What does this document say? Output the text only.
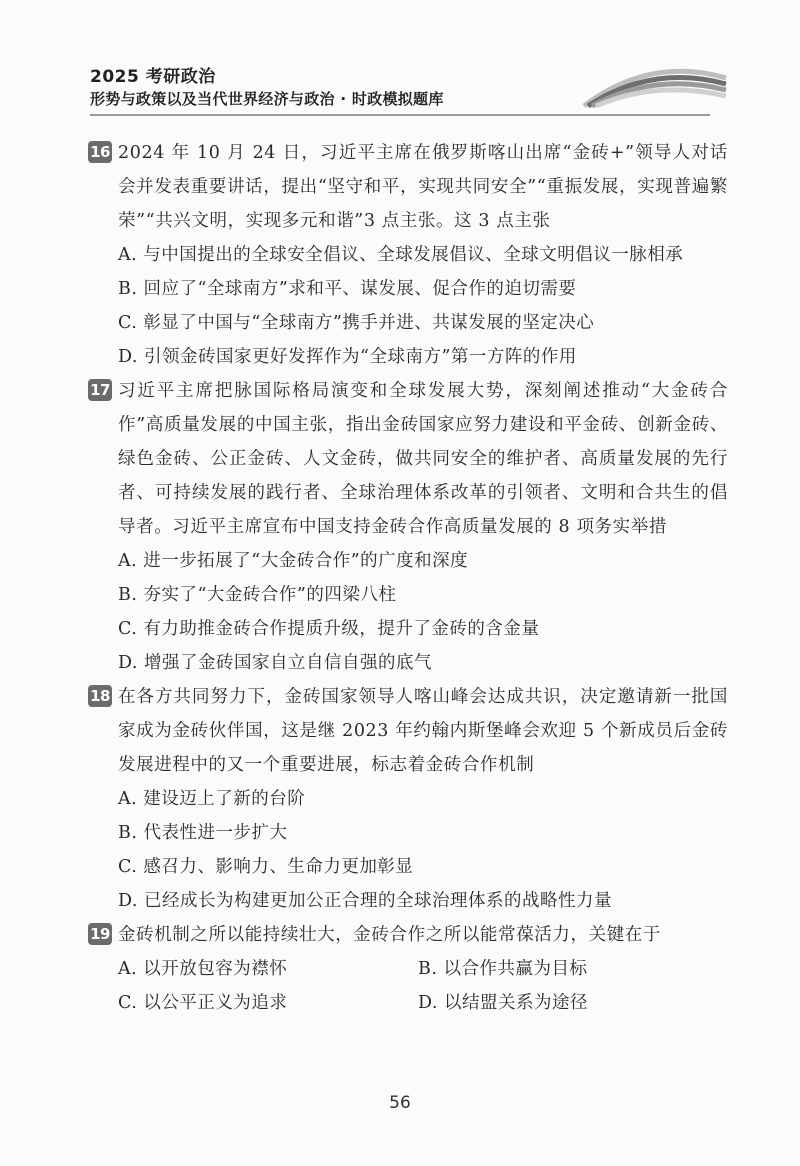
2025 考研政治
形势与政策以及当代世界经济与政治 · 时政模拟题库
16 2024 年 10 月 24 日，习近平主席在俄罗斯喀山出席“金砖+”领导人对话会并发表重要讲话，提出“坚守和平，实现共同安全”“重振发展，实现普遍繁荣”“共兴文明，实现多元和谐”3 点主张。这 3 点主张

A. 与中国提出的全球安全倡议、全球发展倡议、全球文明倡议一脉相承
B. 回应了“全球南方”求和平、谋发展、促合作的迫切需要
C. 彰显了中国与“全球南方”携手并进、共谋发展的坚定决心
D. 引领金砖国家更好发挥作为“全球南方”第一方阵的作用
17 习近平主席把脉国际格局演变和全球发展大势，深刻阐述推动“大金砖合作”高质量发展的中国主张，指出金砖国家应努力建设和平金砖、创新金砖、绿色金砖、公正金砖、人文金砖，做共同安全的维护者、高质量发展的先行者、可持续发展的践行者、全球治理体系改革的引领者、文明和合共生的倡导者。习近平主席宣布中国支持金砖合作高质量发展的 8 项务实举措

A. 进一步拓展了“大金砖合作”的广度和深度
B. 夯实了“大金砖合作”的四梁八柱
C. 有力助推金砖合作提质升级，提升了金砖的含金量
D. 增强了金砖国家自立自信自强的底气
18 在各方共同努力下，金砖国家领导人喀山峰会达成共识，决定邀请新一批国家成为金砖伙伴国，这是继 2023 年约翰内斯堡峰会欢迎 5 个新成员后金砖发展进程中的又一个重要进展，标志着金砖合作机制

A. 建设迈上了新的台阶
B. 代表性进一步扩大
C. 感召力、影响力、生命力更加彰显
D. 已经成长为构建更加公正合理的全球治理体系的战略性力量
19 金砖机制之所以能持续壮大，金砖合作之所以能常葆活力，关键在于

A. 以开放包容为襟怀	B. 以合作共赢为目标
C. 以公平正义为追求	D. 以结盟关系为途径
56
